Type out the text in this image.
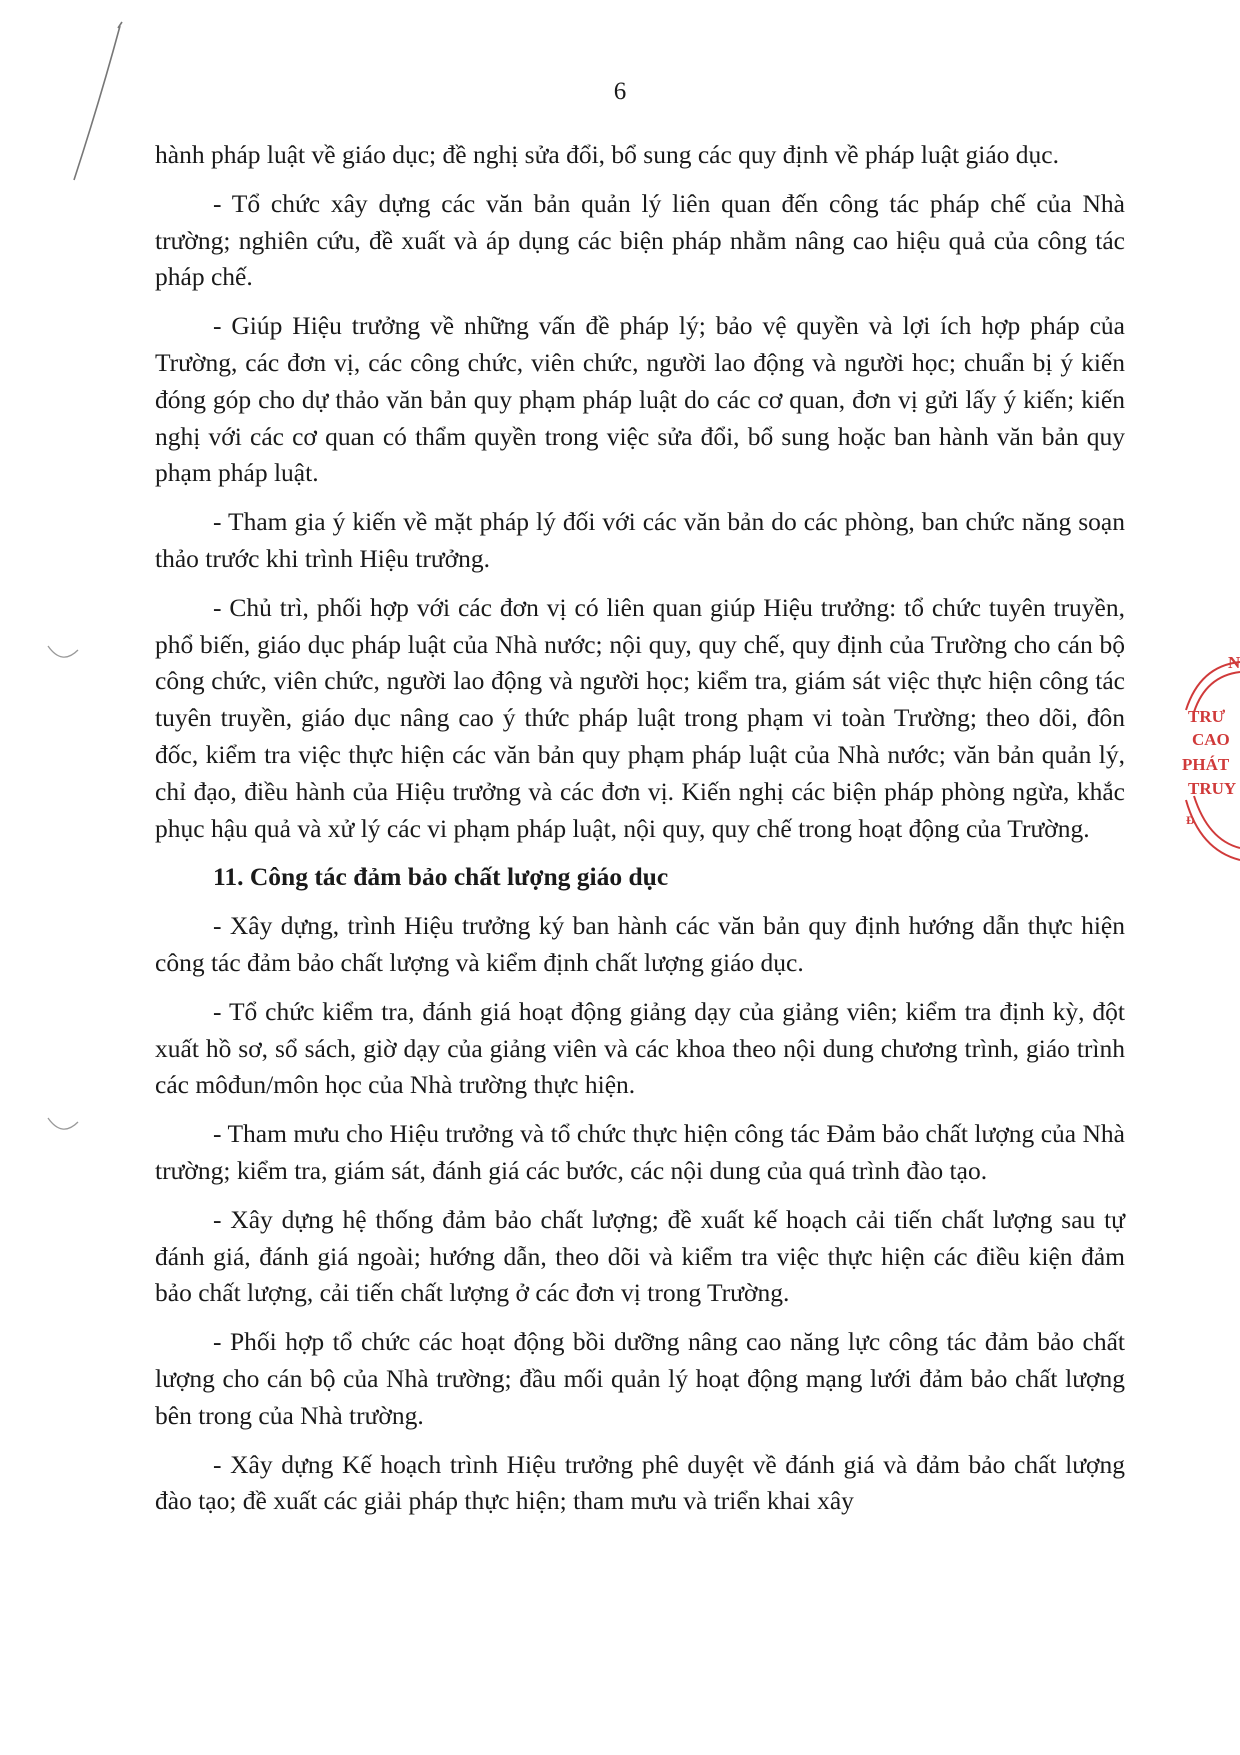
N
TRƯ
CAO
PHÁT
TRUY
Đ
6

hành pháp luật về giáo dục; đề nghị sửa đổi, bổ sung các quy định về pháp luật giáo dục.

- Tổ chức xây dựng các văn bản quản lý liên quan đến công tác pháp chế của Nhà trường; nghiên cứu, đề xuất và áp dụng các biện pháp nhằm nâng cao hiệu quả của công tác pháp chế.

- Giúp Hiệu trưởng về những vấn đề pháp lý; bảo vệ quyền và lợi ích hợp pháp của Trường, các đơn vị, các công chức, viên chức, người lao động và người học; chuẩn bị ý kiến đóng góp cho dự thảo văn bản quy phạm pháp luật do các cơ quan, đơn vị gửi lấy ý kiến; kiến nghị với các cơ quan có thẩm quyền trong việc sửa đổi, bổ sung hoặc ban hành văn bản quy phạm pháp luật.

- Tham gia ý kiến về mặt pháp lý đối với các văn bản do các phòng, ban chức năng soạn thảo trước khi trình Hiệu trưởng.

- Chủ trì, phối hợp với các đơn vị có liên quan giúp Hiệu trưởng: tổ chức tuyên truyền, phổ biến, giáo dục pháp luật của Nhà nước; nội quy, quy chế, quy định của Trường cho cán bộ công chức, viên chức, người lao động và người học; kiểm tra, giám sát việc thực hiện công tác tuyên truyền, giáo dục nâng cao ý thức pháp luật trong phạm vi toàn Trường; theo dõi, đôn đốc, kiểm tra việc thực hiện các văn bản quy phạm pháp luật của Nhà nước; văn bản quản lý, chỉ đạo, điều hành của Hiệu trưởng và các đơn vị. Kiến nghị các biện pháp phòng ngừa, khắc phục hậu quả và xử lý các vi phạm pháp luật, nội quy, quy chế trong hoạt động của Trường.

11. Công tác đảm bảo chất lượng giáo dục

- Xây dựng, trình Hiệu trưởng ký ban hành các văn bản quy định hướng dẫn thực hiện công tác đảm bảo chất lượng và kiểm định chất lượng giáo dục.

- Tổ chức kiểm tra, đánh giá hoạt động giảng dạy của giảng viên; kiểm tra định kỳ, đột xuất hồ sơ, sổ sách, giờ dạy của giảng viên và các khoa theo nội dung chương trình, giáo trình các môđun/môn học của Nhà trường thực hiện.

- Tham mưu cho Hiệu trưởng và tổ chức thực hiện công tác Đảm bảo chất lượng của Nhà trường; kiểm tra, giám sát, đánh giá các bước, các nội dung của quá trình đào tạo.

- Xây dựng hệ thống đảm bảo chất lượng; đề xuất kế hoạch cải tiến chất lượng sau tự đánh giá, đánh giá ngoài; hướng dẫn, theo dõi và kiểm tra việc thực hiện các điều kiện đảm bảo chất lượng, cải tiến chất lượng ở các đơn vị trong Trường.

- Phối hợp tổ chức các hoạt động bồi dưỡng nâng cao năng lực công tác đảm bảo chất lượng cho cán bộ của Nhà trường; đầu mối quản lý hoạt động mạng lưới đảm bảo chất lượng bên trong của Nhà trường.

- Xây dựng Kế hoạch trình Hiệu trưởng phê duyệt về đánh giá và đảm bảo chất lượng đào tạo; đề xuất các giải pháp thực hiện; tham mưu và triển khai xây
